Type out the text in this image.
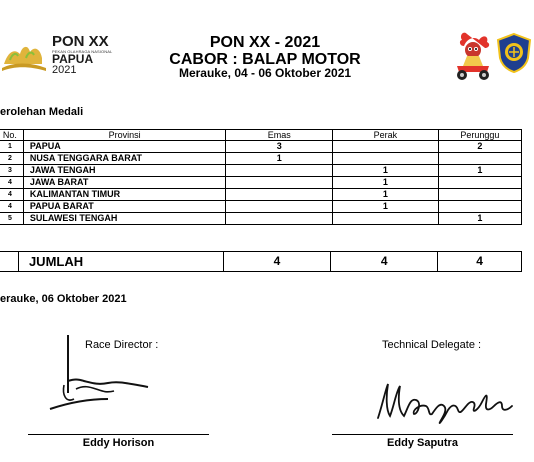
PON XX
PEKAN OLAHRAGA NASIONAL
PAPUA
2021
PON XX - 2021
CABOR : BALAP MOTOR
Merauke, 04 - 06 Oktober 2021
erolehan Medali
No.	Provinsi	Emas	Perak	Perunggu
1	PAPUA	3		2
2	NUSA TENGGARA BARAT	1		
3	JAWA TENGAH		1	1
4	JAWA BARAT		1	
4	KALIMANTAN TIMUR		1	
4	PAPUA BARAT		1	
5	SULAWESI TENGAH			1
	JUMLAH	4	4	4
erauke, 06 Oktober 2021
Race Director :	Technical Delegate :
Eddy Horison	Eddy Saputra
